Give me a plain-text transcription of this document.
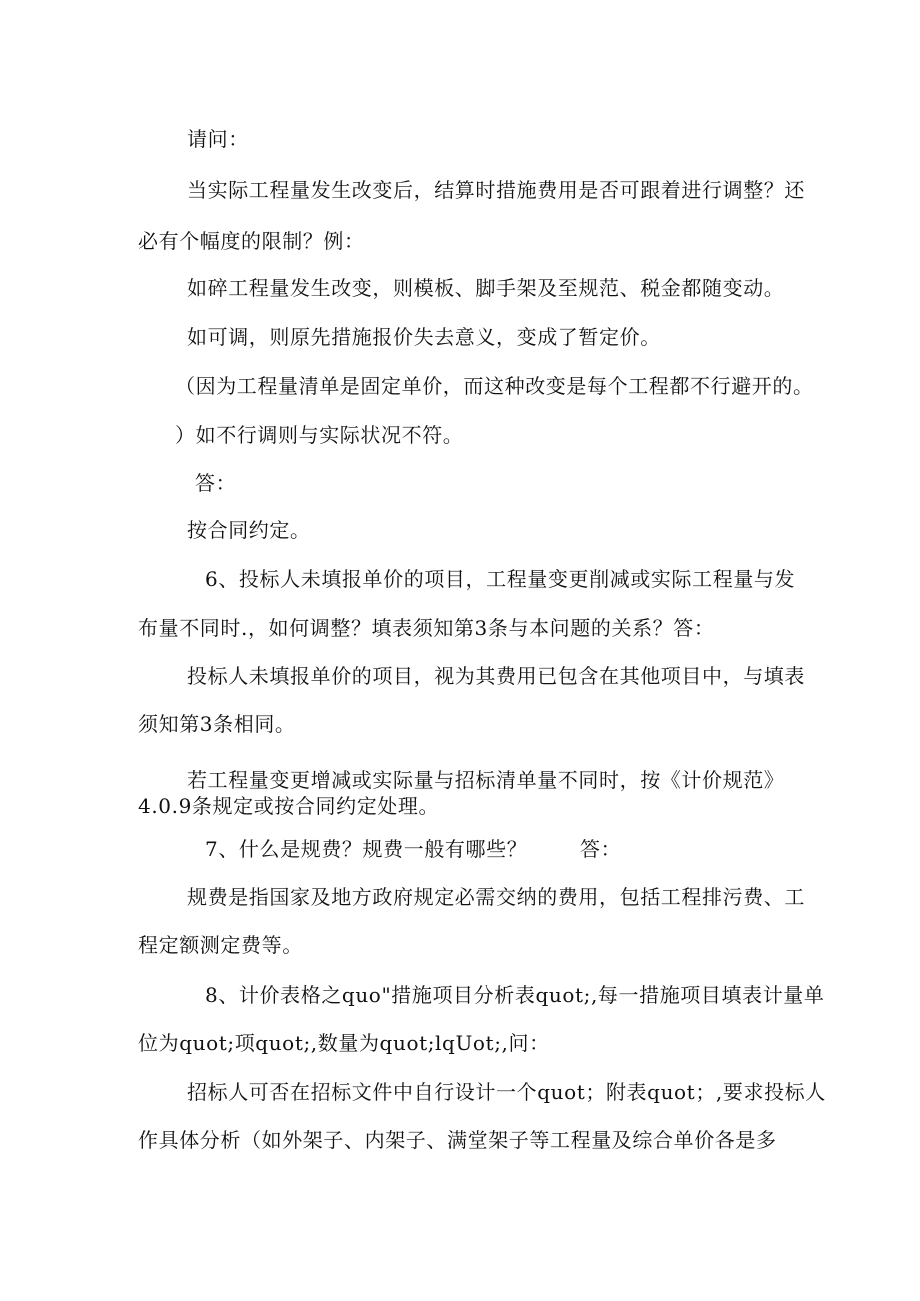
请问：
当实际工程量发生改变后，结算时措施费用是否可跟着进行调整？还
必有个幅度的限制？例：
如碎工程量发生改变，则模板、脚手架及至规范、税金都随变动。
如可调，则原先措施报价失去意义，变成了暂定价。
（因为工程量清单是固定单价，而这种改变是每个工程都不行避开的。
）如不行调则与实际状况不符。
答：
按合同约定。
6、投标人未填报单价的项目，工程量变更削减或实际工程量与发
布量不同时.，如何调整？填表须知第3条与本问题的关系？答：
投标人未填报单价的项目，视为其费用已包含在其他项目中，与填表
须知第3条相同。
若工程量变更增减或实际量与招标清单量不同时，按《计价规范》
4.0.9条规定或按合同约定处理。
7、什么是规费？规费一般有哪些？	答：
规费是指国家及地方政府规定必需交纳的费用，包括工程排污费、工
程定额测定费等。
8、计价表格之quo"措施项目分析表quot;,每一措施项目填表计量单
位为quot;项quot;,数量为quot;lqUot;,问：
招标人可否在招标文件中自行设计一个quot；附表quot；,要求投标人
作具体分析（如外架子、内架子、满堂架子等工程量及综合单价各是多
